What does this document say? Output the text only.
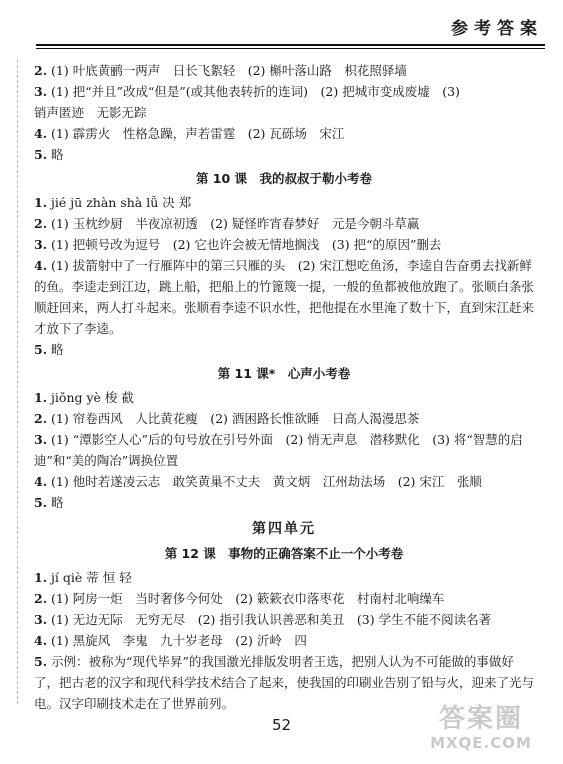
参考答案
2. (1) 叶底黄鹂一两声　日长飞絮轻　(2) 槲叶落山路　枳花照驿墙
3. (1) 把“并且”改成“但是”(或其他表转折的连词)　(2) 把城市变成废墟　(3)
销声匿迹　无影无踪
4. (1) 霹雳火　性格急躁，声若雷霆　(2) 瓦砾场　宋江
5. 略
第 10 课　我的叔叔于勒小考卷
1. jié jū zhàn shà lǚ 决 郑
2. (1) 玉枕纱厨　半夜凉初透　(2) 疑怪昨宵春梦好　元是今朝斗草赢
3. (1) 把顿号改为逗号　(2) 它也许会被无情地搁浅　(3) 把“的原因”删去
4. (1) 拔箭射中了一行雁阵中的第三只雁的头　(2) 宋江想吃鱼汤，李逵自告奋勇去找新鲜的鱼。李逵走到江边，跳上船，把船上的竹篦篾一提，一般的鱼都被他放跑了。张顺白条张顺赶回来，两人打斗起来。张顺看李逵不识水性，把他提在水里淹了数十下，直到宋江赶来才放下了李逵。
5. 略
第 11 课*　心声小考卷
1. jiǒng yè 梭 截
2. (1) 帘卷西风　人比黄花瘦　(2) 酒困路长惟欲睡　日高人渴漫思茶
3. (1) “潭影空人心”后的句号放在引号外面　(2) 悄无声息　潜移默化　(3) 将“智慧的启迪”和“美的陶冶”调换位置
4. (1) 他时若遂凌云志　敢笑黄巢不丈夫　黄文炳　江州劫法场　(2) 宋江　张顺
5. 略
第四单元
第 12 课　事物的正确答案不止一个小考卷
1. jí qiè 蒂 恒 轻
2. (1) 阿房一炬　当时奢侈今何处　(2) 簌簌衣巾落枣花　村南村北响缲车
3. (1) 无边无际　无穷无尽　(2) 指引我认识善恶和美丑　(3) 学生不能不阅读名著
4. (1) 黑旋风　李鬼　九十岁老母　(2) 沂岭　四
5. 示例：被称为“现代毕昇”的我国激光排版发明者王选，把别人认为不可能做的事做好了，把古老的汉字和现代科学技术结合了起来，使我国的印刷业告别了铅与火，迎来了光与电。汉字印刷技术走在了世界前列。
52	答案圈
MXQE.COM
